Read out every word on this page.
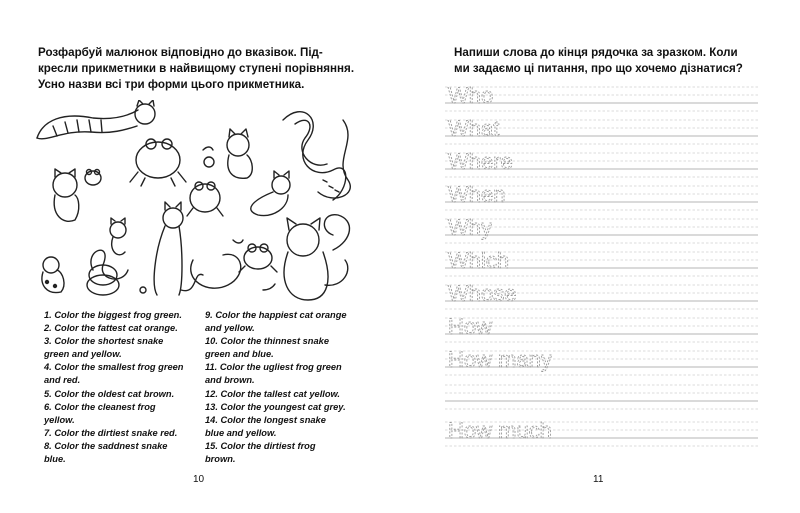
Розфарбуй малюнок відповідно до вказівок. Під-
кресли прикметники в найвищому ступені порівняння.
Усно назви всі три форми цього прикметника.
1. Color the biggest frog green.
2. Color the fattest cat orange.
3. Color the shortest snake
green and yellow.
4. Color the smallest frog green
and red.
5. Color the oldest cat brown.
6. Color the cleanest frog
yellow.
7. Color the dirtiest snake red.
8. Color the saddnest snake
blue.
9. Color the happiest cat orange
and yellow.
10. Color the thinnest snake
green and blue.
11. Color the ugliest frog green
and brown.
12. Color the tallest cat yellow.
13. Color the youngest cat grey.
14. Color the longest snake
blue and yellow.
15. Color the dirtiest frog
brown.
10
Напиши слова до кінця рядочка за зразком. Коли
ми задаємо ці питання, про що хочемо дізнатися?
Who
What
Where
When
Why
Which
Whose
How
How many
How much
11
